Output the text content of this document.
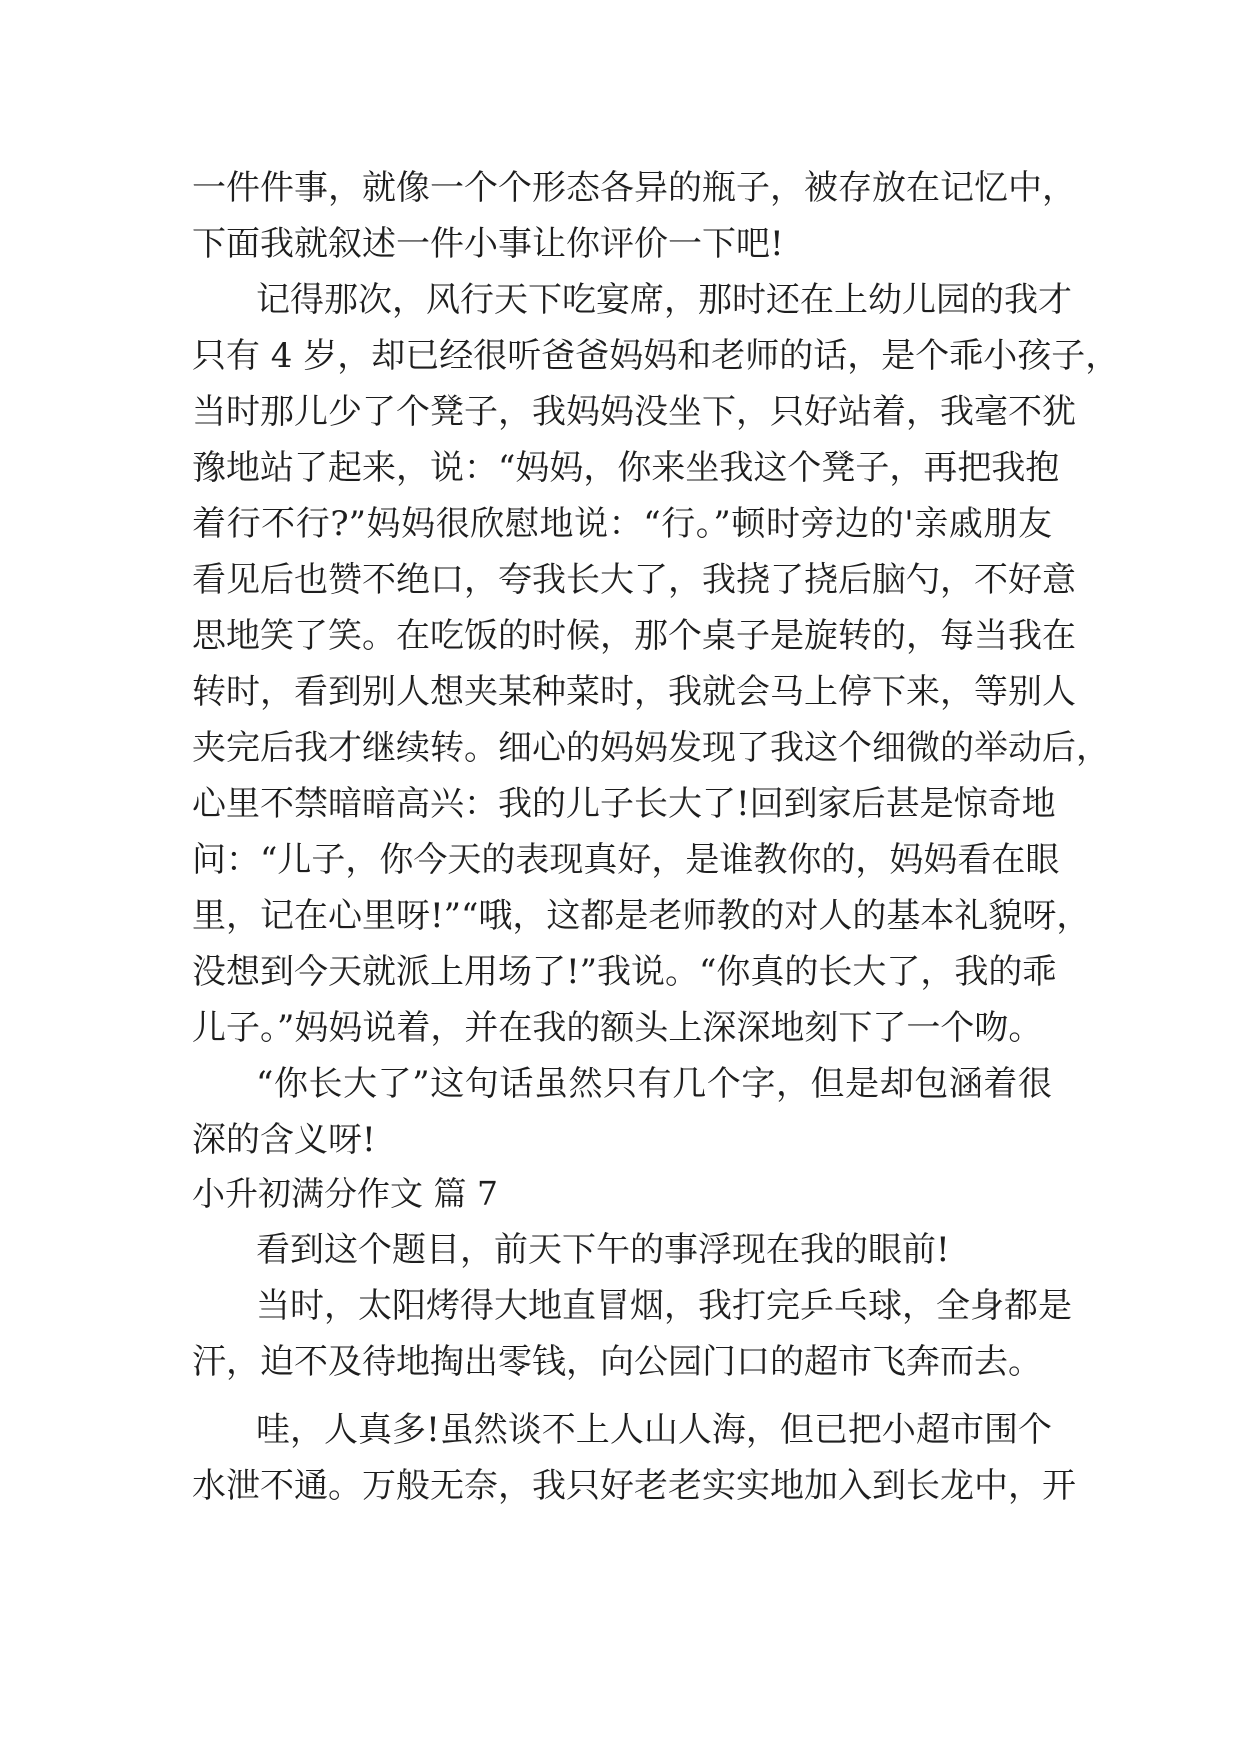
一件件事，就像一个个形态各异的瓶子，被存放在记忆中，
下面我就叙述一件小事让你评价一下吧!
记得那次，风行天下吃宴席，那时还在上幼儿园的我才
只有 4 岁，却已经很听爸爸妈妈和老师的话，是个乖小孩子，
当时那儿少了个凳子，我妈妈没坐下，只好站着，我毫不犹
豫地站了起来，说：“妈妈，你来坐我这个凳子，再把我抱
着行不行?”妈妈很欣慰地说：“行。”顿时旁边的'亲戚朋友
看见后也赞不绝口，夸我长大了，我挠了挠后脑勺，不好意
思地笑了笑。在吃饭的时候，那个桌子是旋转的，每当我在
转时，看到别人想夹某种菜时，我就会马上停下来，等别人
夹完后我才继续转。细心的妈妈发现了我这个细微的举动后，
心里不禁暗暗高兴：我的儿子长大了!回到家后甚是惊奇地
问：“儿子，你今天的表现真好，是谁教你的，妈妈看在眼
里，记在心里呀!”“哦，这都是老师教的对人的基本礼貌呀，
没想到今天就派上用场了!”我说。“你真的长大了，我的乖
儿子。”妈妈说着，并在我的额头上深深地刻下了一个吻。
“你长大了”这句话虽然只有几个字，但是却包涵着很
深的含义呀!
小升初满分作文 篇 7
看到这个题目，前天下午的事浮现在我的眼前!
当时，太阳烤得大地直冒烟，我打完乒乓球，全身都是
汗，迫不及待地掏出零钱，向公园门口的超市飞奔而去。
哇，人真多!虽然谈不上人山人海，但已把小超市围个
水泄不通。万般无奈，我只好老老实实地加入到长龙中，开
